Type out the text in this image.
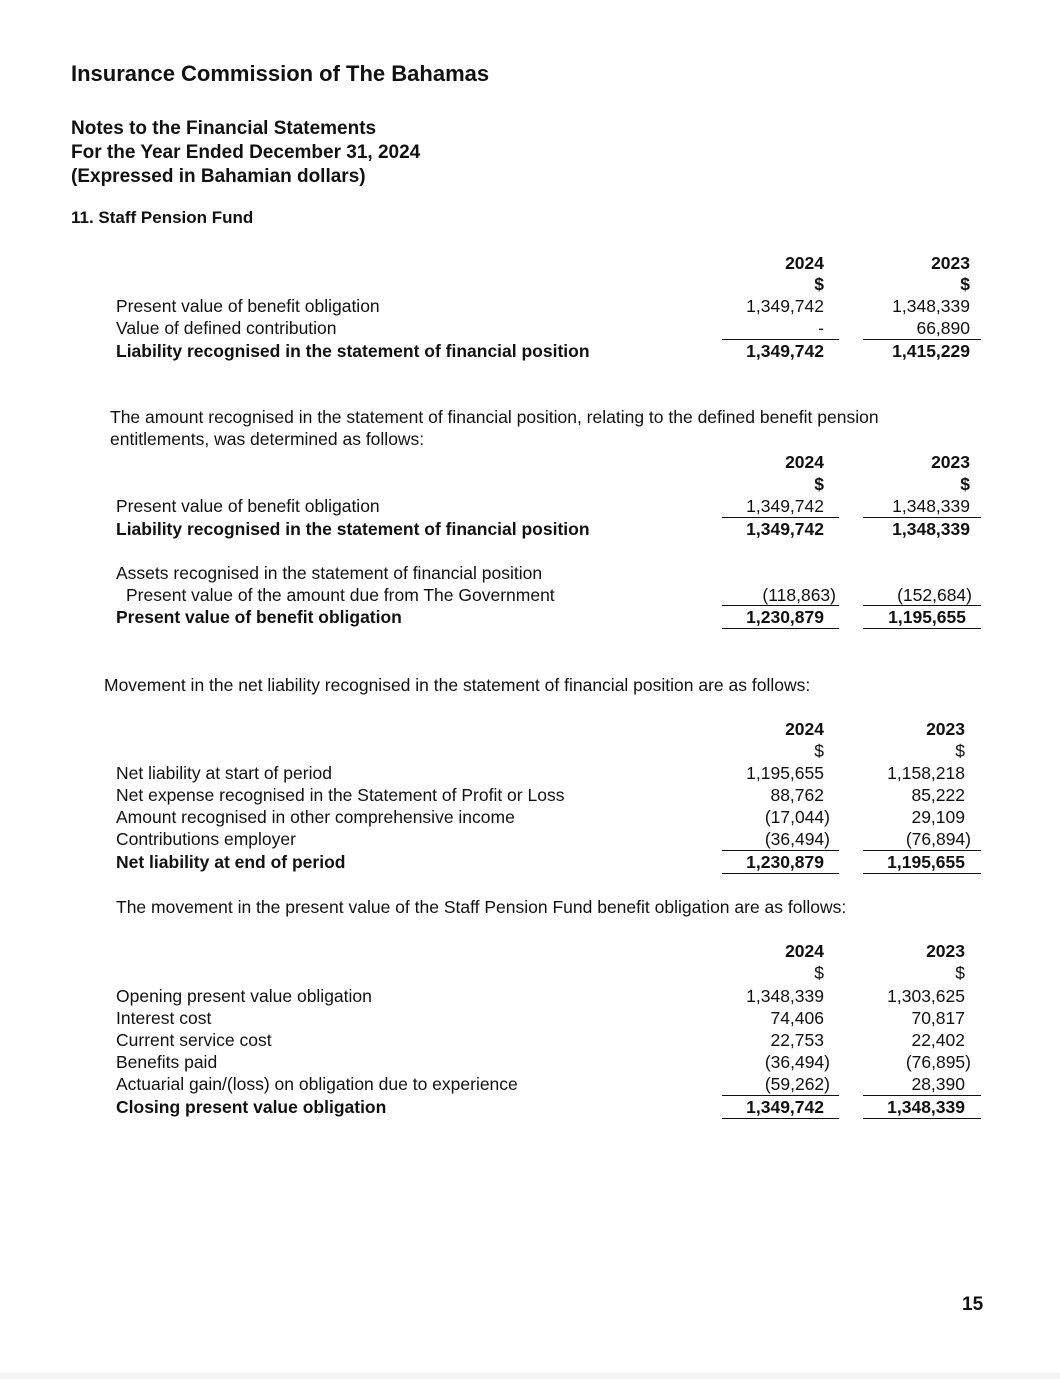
Insurance Commission of The Bahamas
Notes to the Financial Statements
For the Year Ended December 31, 2024
(Expressed in Bahamian dollars)
11. Staff Pension Fund
2024	2023
$	$
Present value of benefit obligation	1,349,742	1,348,339
Value of defined contribution	-	66,890
Liability recognised in the statement of financial position	1,349,742	1,415,229
The amount recognised in the statement of financial position, relating to the defined benefit pension
entitlements, was determined as follows:
2024	2023
$	$
Present value of benefit obligation	1,349,742	1,348,339
Liability recognised in the statement of financial position	1,349,742	1,348,339
Assets recognised in the statement of financial position
Present value of the amount due from The Government	(118,863)	(152,684)
Present value of benefit obligation	1,230,879	1,195,655
Movement in the net liability recognised in the statement of financial position are as follows:
2024	2023
$	$
Net liability at start of period	1,195,655	1,158,218
Net expense recognised in the Statement of Profit or Loss	88,762	85,222
Amount recognised in other comprehensive income	(17,044)	29,109
Contributions employer	(36,494)	(76,894)
Net liability at end of period	1,230,879	1,195,655
The movement in the present value of the Staff Pension Fund benefit obligation are as follows:
2024	2023
$	$
Opening present value obligation	1,348,339	1,303,625
Interest cost	74,406	70,817
Current service cost	22,753	22,402
Benefits paid	(36,494)	(76,895)
Actuarial gain/(loss) on obligation due to experience	(59,262)	28,390
Closing present value obligation	1,349,742	1,348,339
15
